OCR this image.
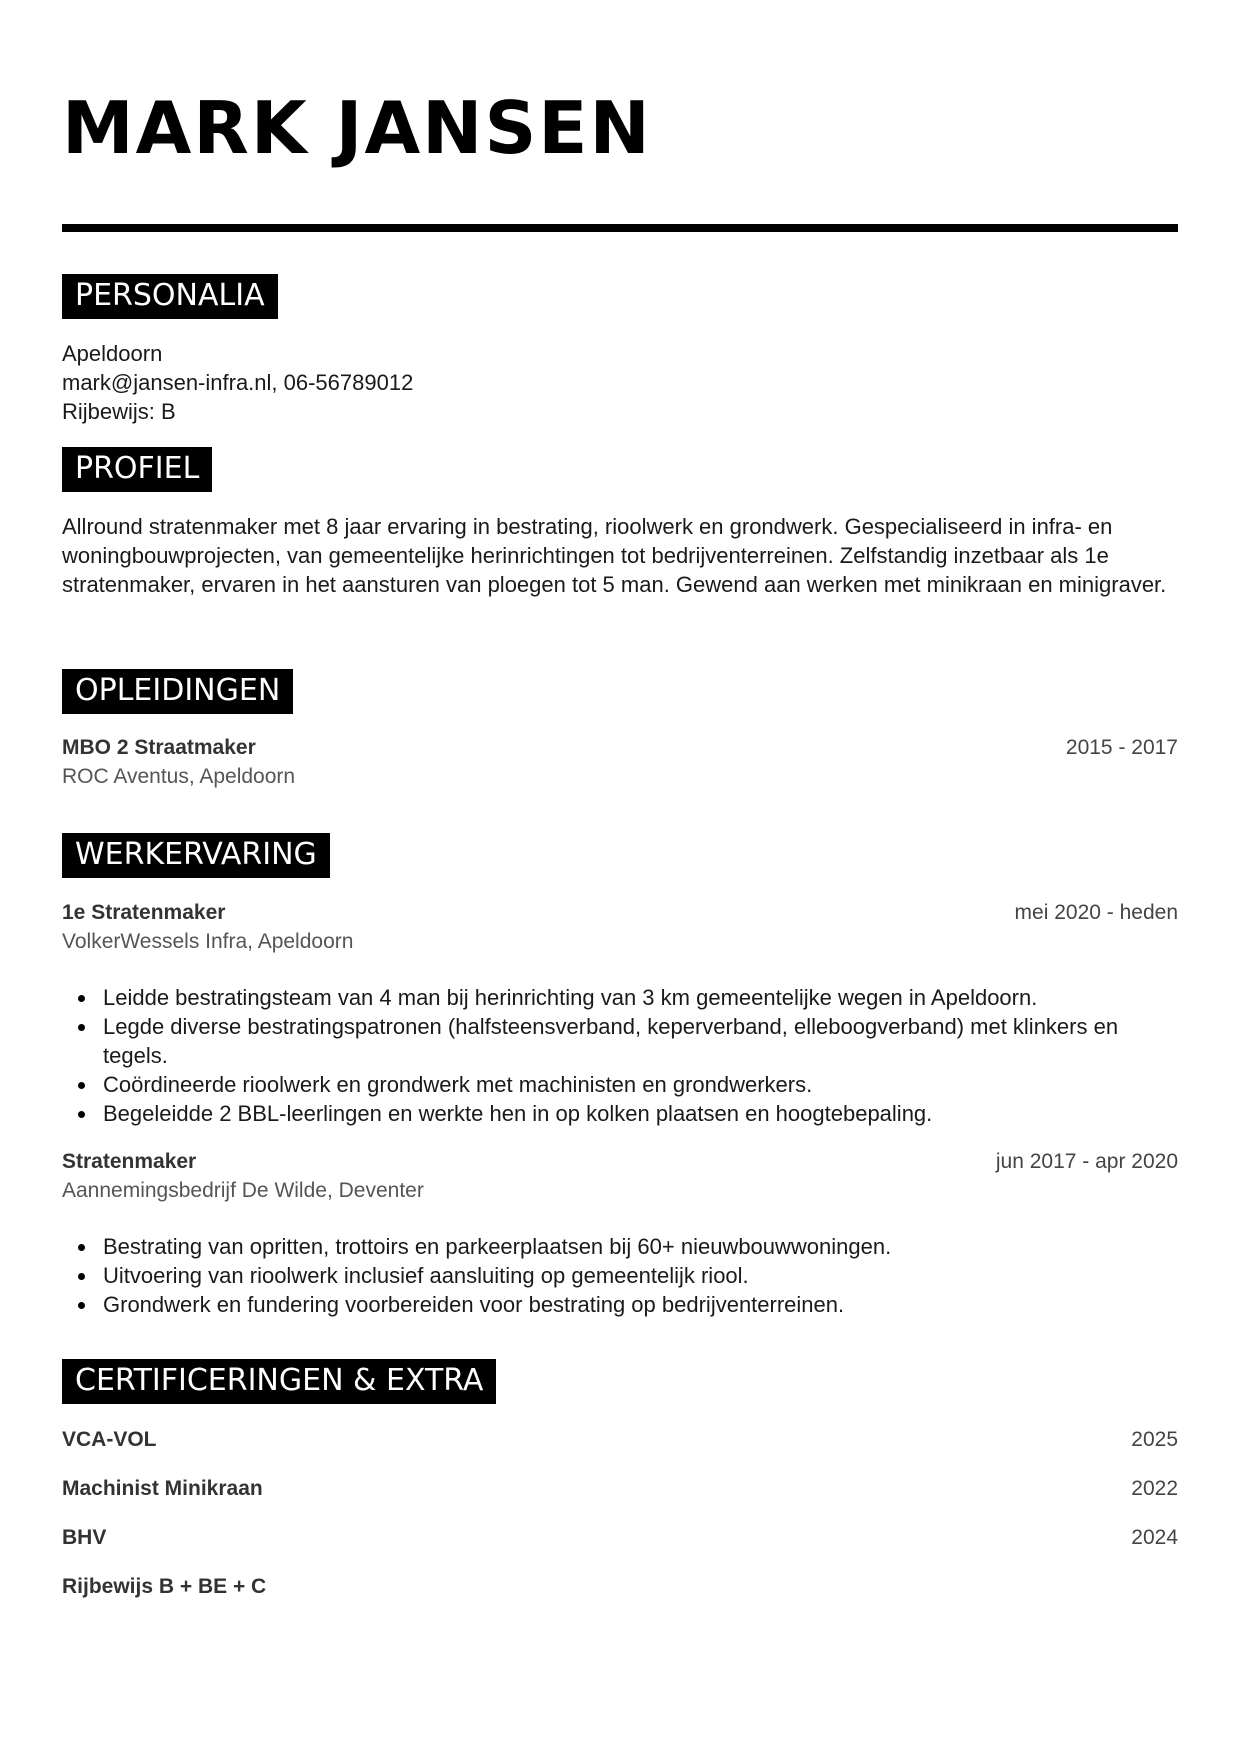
MARK JANSEN
PERSONALIA
Apeldoorn
mark@jansen-infra.nl, 06-56789012
Rijbewijs: B
PROFIEL

Allround stratenmaker met 8 jaar ervaring in bestrating, rioolwerk en grondwerk. Gespecialiseerd in infra- en woningbouwprojecten, van gemeentelijke herinrichtingen tot bedrijventerreinen. Zelfstandig inzetbaar als 1e stratenmaker, ervaren in het aansturen van ploegen tot 5 man. Gewend aan werken met minikraan en minigraver.

OPLEIDINGEN
MBO 2 Straatmaker	2015 - 2017
ROC Aventus, Apeldoorn
WERKERVARING
1e Stratenmaker	mei 2020 - heden
VolkerWessels Infra, Apeldoorn
Leidde bestratingsteam van 4 man bij herinrichting van 3 km gemeentelijke wegen in Apeldoorn.
Legde diverse bestratingspatronen (halfsteensverband, keperverband, elleboogverband) met klinkers en tegels.
Coördineerde rioolwerk en grondwerk met machinisten en grondwerkers.
Begeleidde 2 BBL-leerlingen en werkte hen in op kolken plaatsen en hoogtebepaling.
Stratenmaker	jun 2017 - apr 2020
Aannemingsbedrijf De Wilde, Deventer
Bestrating van opritten, trottoirs en parkeerplaatsen bij 60+ nieuwbouwwoningen.
Uitvoering van rioolwerk inclusief aansluiting op gemeentelijk riool.
Grondwerk en fundering voorbereiden voor bestrating op bedrijventerreinen.
CERTIFICERINGEN & EXTRA
VCA-VOL	2025
Machinist Minikraan	2022
BHV	2024
Rijbewijs B + BE + C
